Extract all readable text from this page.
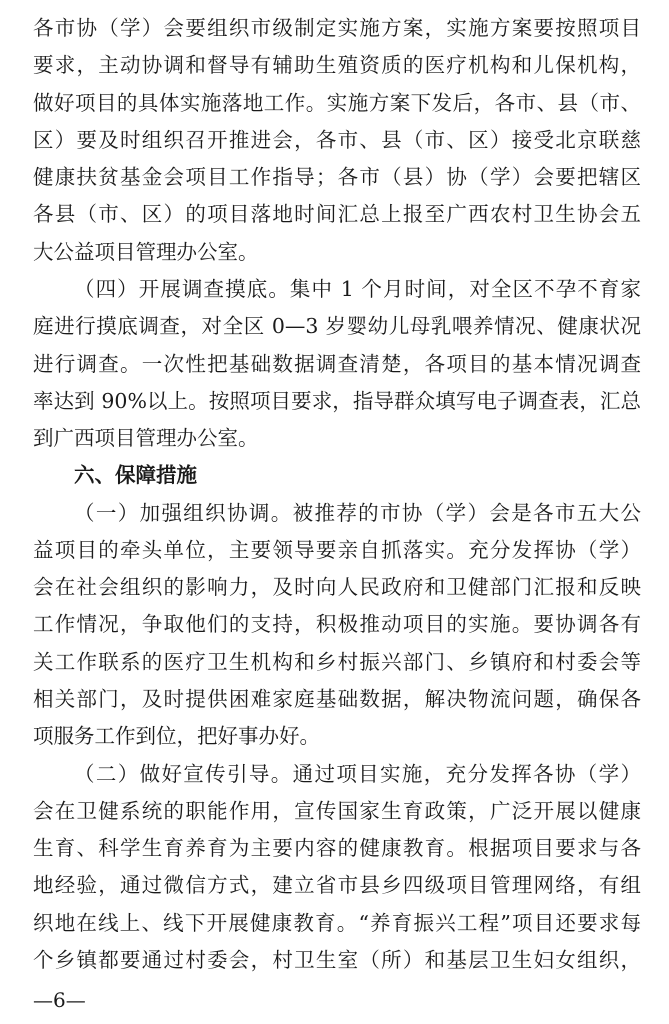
各市协（学）会要组织市级制定实施方案，实施方案要按照项目
要求，主动协调和督导有辅助生殖资质的医疗机构和儿保机构，
做好项目的具体实施落地工作。实施方案下发后，各市、县（市、
区）要及时组织召开推进会，各市、县（市、区）接受北京联慈
健康扶贫基金会项目工作指导；各市（县）协（学）会要把辖区
各县（市、区）的项目落地时间汇总上报至广西农村卫生协会五
大公益项目管理办公室。
（四）开展调查摸底。集中 1 个月时间，对全区不孕不育家
庭进行摸底调查，对全区 0—3 岁婴幼儿母乳喂养情况、健康状况
进行调查。一次性把基础数据调查清楚，各项目的基本情况调查
率达到 90%以上。按照项目要求，指导群众填写电子调查表，汇总
到广西项目管理办公室。
六、保障措施
（一）加强组织协调。被推荐的市协（学）会是各市五大公
益项目的牵头单位，主要领导要亲自抓落实。充分发挥协（学）
会在社会组织的影响力，及时向人民政府和卫健部门汇报和反映
工作情况，争取他们的支持，积极推动项目的实施。要协调各有
关工作联系的医疗卫生机构和乡村振兴部门、乡镇府和村委会等
相关部门，及时提供困难家庭基础数据，解决物流问题，确保各
项服务工作到位，把好事办好。
（二）做好宣传引导。通过项目实施，充分发挥各协（学）
会在卫健系统的职能作用，宣传国家生育政策，广泛开展以健康
生育、科学生育养育为主要内容的健康教育。根据项目要求与各
地经验，通过微信方式，建立省市县乡四级项目管理网络，有组
织地在线上、线下开展健康教育。“养育振兴工程”项目还要求每
个乡镇都要通过村委会，村卫生室（所）和基层卫生妇女组织，
—6—
